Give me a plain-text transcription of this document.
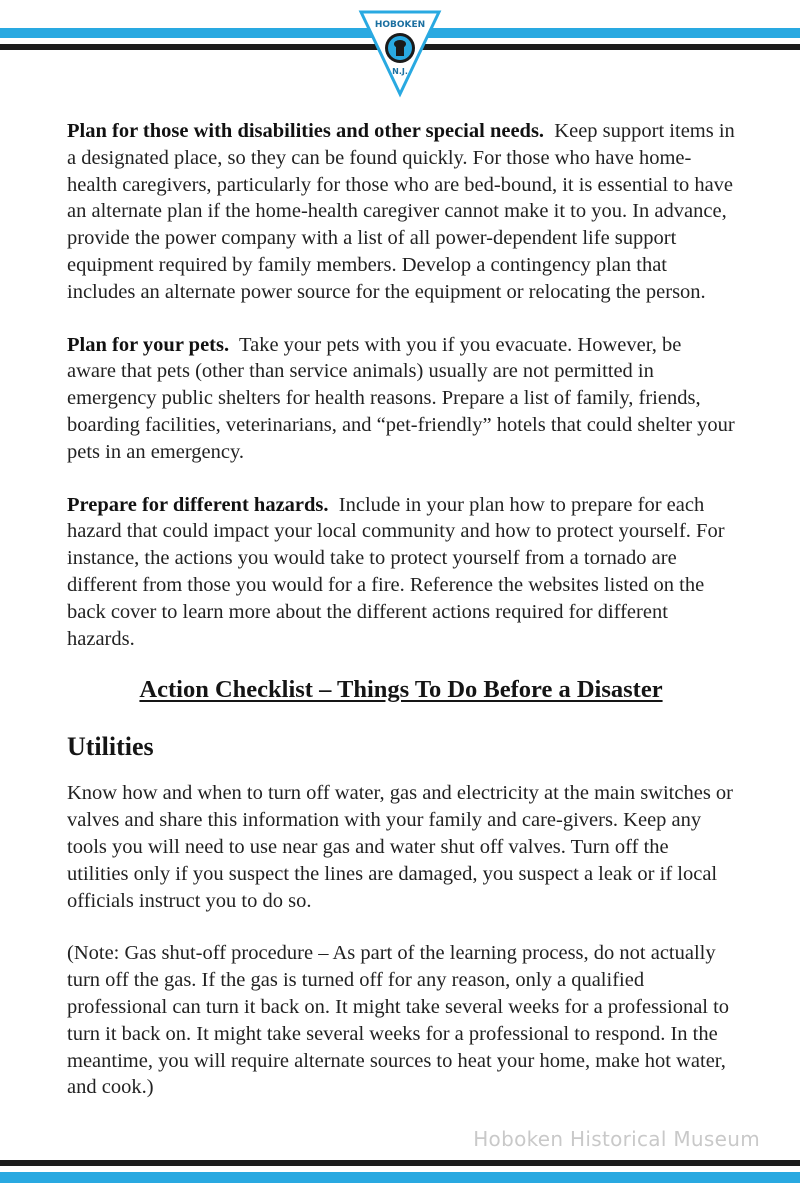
HOBOKEN
N.J.

Plan for those with disabilities and other special needs. Keep support items in a designated place, so they can be found quickly. For those who have home-health caregivers, particularly for those who are bed-bound, it is essential to have an alternate plan if the home-health caregiver cannot make it to you. In advance, provide the power company with a list of all power-dependent life support equipment required by family members. Develop a contingency plan that includes an alternate power source for the equipment or relocating the person.

Plan for your pets. Take your pets with you if you evacuate. However, be aware that pets (other than service animals) usually are not permitted in emergency public shelters for health reasons. Prepare a list of family, friends, boarding facilities, veterinarians, and “pet-friendly” hotels that could shelter your pets in an emergency.

Prepare for different hazards. Include in your plan how to prepare for each hazard that could impact your local community and how to protect yourself. For instance, the actions you would take to protect yourself from a tornado are different from those you would for a fire. Reference the websites listed on the back cover to learn more about the different actions required for different hazards.

Action Checklist – Things To Do Before a Disaster
Utilities

Know how and when to turn off water, gas and electricity at the main switches or valves and share this information with your family and care-givers. Keep any tools you will need to use near gas and water shut off valves. Turn off the utilities only if you suspect the lines are damaged, you suspect a leak or if local officials instruct you to do so.

(Note: Gas shut-off procedure – As part of the learning process, do not actually turn off the gas. If the gas is turned off for any reason, only a qualified professional can turn it back on. It might take several weeks for a professional to turn it back on. It might take several weeks for a professional to respond. In the meantime, you will require alternate sources to heat your home, make hot water, and cook.)

Hoboken Historical Museum
